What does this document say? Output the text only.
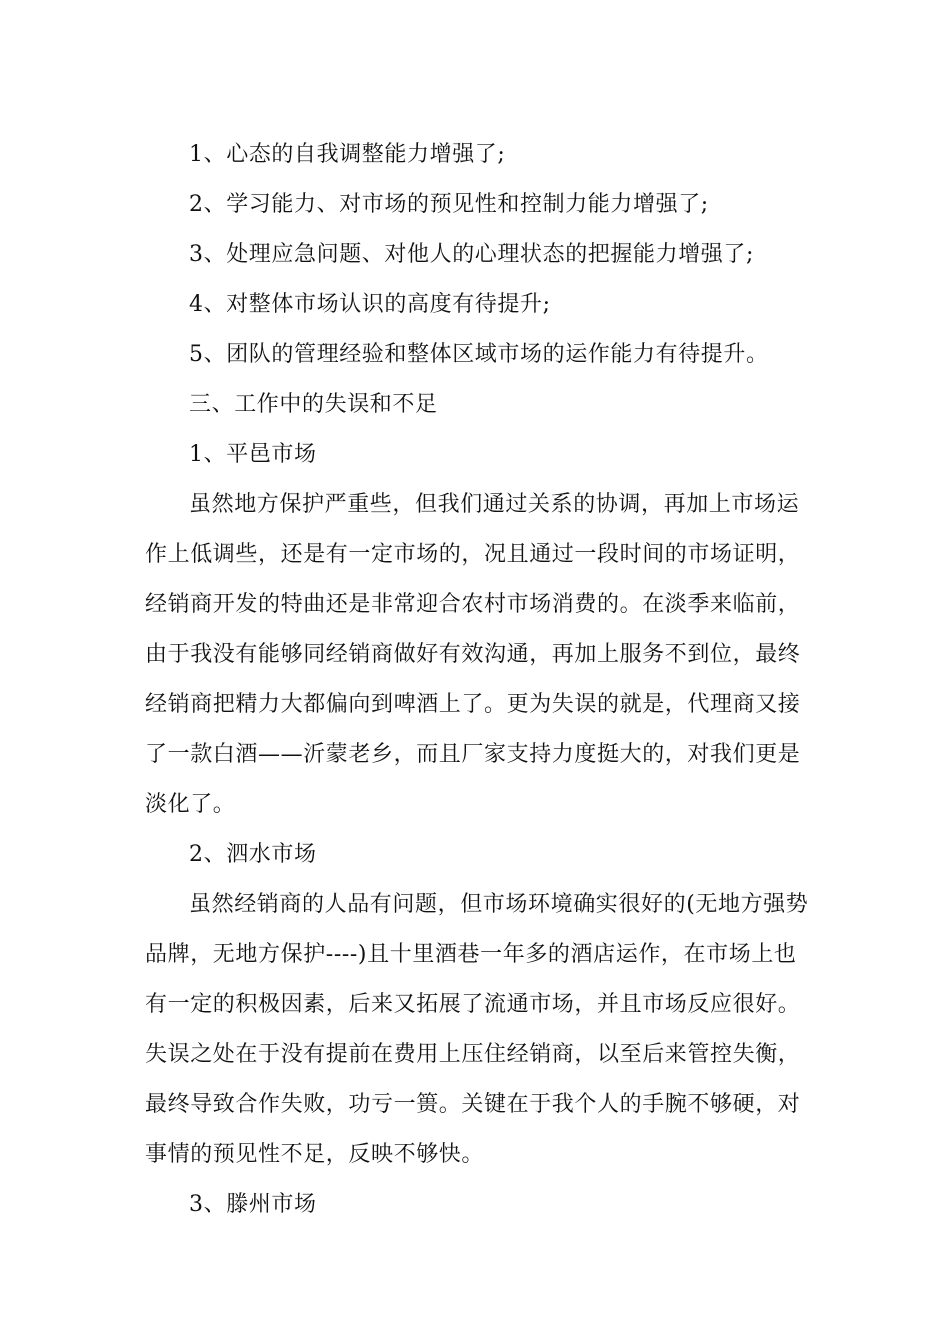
1、心态的自我调整能力增强了;

2、学习能力、对市场的预见性和控制力能力增强了;

3、处理应急问题、对他人的心理状态的把握能力增强了;

4、对整体市场认识的高度有待提升;

5、团队的管理经验和整体区域市场的运作能力有待提升。

三、工作中的失误和不足

1、平邑市场

虽然地方保护严重些，但我们通过关系的协调，再加上市场运

作上低调些，还是有一定市场的，况且通过一段时间的市场证明，

经销商开发的特曲还是非常迎合农村市场消费的。在淡季来临前，

由于我没有能够同经销商做好有效沟通，再加上服务不到位，最终

经销商把精力大都偏向到啤酒上了。更为失误的就是，代理商又接

了一款白酒——沂蒙老乡，而且厂家支持力度挺大的，对我们更是

淡化了。

2、泗水市场

虽然经销商的人品有问题，但市场环境确实很好的(无地方强势

品牌，无地方保护----)且十里酒巷一年多的酒店运作，在市场上也

有一定的积极因素，后来又拓展了流通市场，并且市场反应很好。

失误之处在于没有提前在费用上压住经销商，以至后来管控失衡，

最终导致合作失败，功亏一篑。关键在于我个人的手腕不够硬，对

事情的预见性不足，反映不够快。

3、滕州市场
